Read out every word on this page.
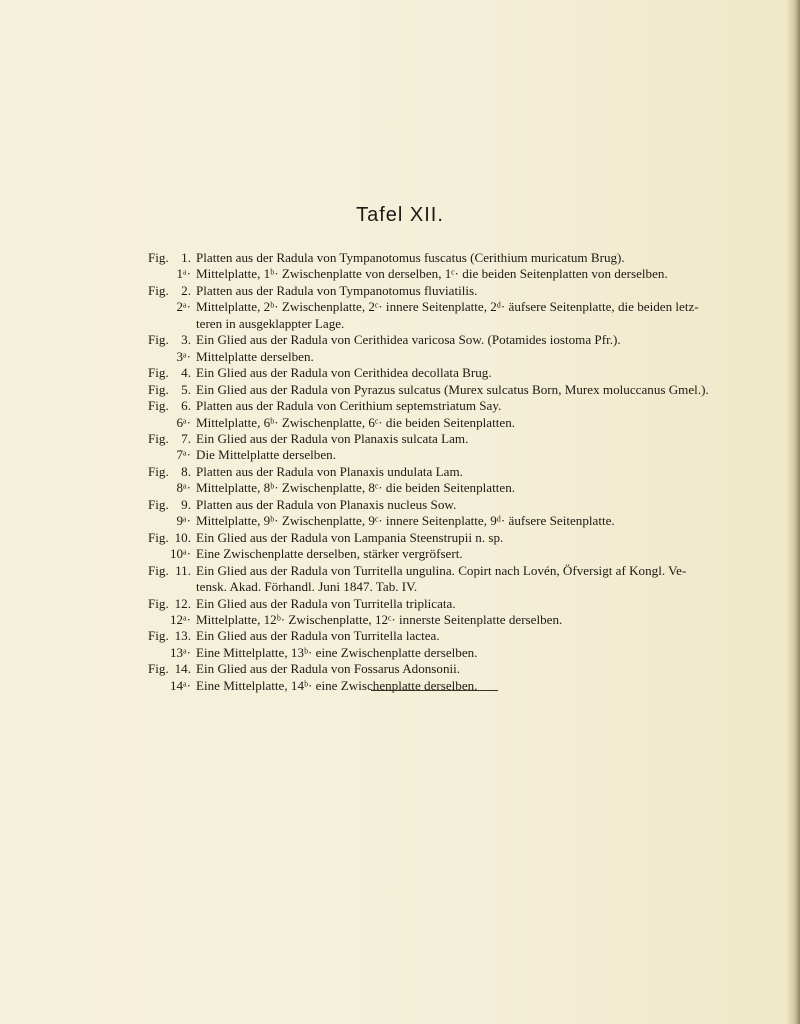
Tafel XII.
Fig. 1. Platten aus der Radula von Tympanotomus fuscatus (Cerithium muricatum Brug).
1ᵃ· Mittelplatte, 1ᵇ· Zwischenplatte von derselben, 1ᶜ· die beiden Seitenplatten von derselben.
Fig. 2. Platten aus der Radula von Tympanotomus fluviatilis.
2ᵃ· Mittelplatte, 2ᵇ· Zwischenplatte, 2ᶜ· innere Seitenplatte, 2ᵈ· äufsere Seitenplatte, die beiden letz-
teren in ausgeklappter Lage.
Fig. 3. Ein Glied aus der Radula von Cerithidea varicosa Sow. (Potamides iostoma Pfr.).
3ᵃ· Mittelplatte derselben.
Fig. 4. Ein Glied aus der Radula von Cerithidea decollata Brug.
Fig. 5. Ein Glied aus der Radula von Pyrazus sulcatus (Murex sulcatus Born, Murex moluccanus Gmel.).
Fig. 6. Platten aus der Radula von Cerithium septemstriatum Say.
6ᵃ· Mittelplatte, 6ᵇ· Zwischenplatte, 6ᶜ· die beiden Seitenplatten.
Fig. 7. Ein Glied aus der Radula von Planaxis sulcata Lam.
7ᵃ· Die Mittelplatte derselben.
Fig. 8. Platten aus der Radula von Planaxis undulata Lam.
8ᵃ· Mittelplatte, 8ᵇ· Zwischenplatte, 8ᶜ· die beiden Seitenplatten.
Fig. 9. Platten aus der Radula von Planaxis nucleus Sow.
9ᵃ· Mittelplatte, 9ᵇ· Zwischenplatte, 9ᶜ· innere Seitenplatte, 9ᵈ· äufsere Seitenplatte.
Fig. 10. Ein Glied aus der Radula von Lampania Steenstrupii n. sp.
10ᵃ· Eine Zwischenplatte derselben, stärker vergröfsert.
Fig. 11. Ein Glied aus der Radula von Turritella ungulina. Copirt nach Lovén, Öfversigt af Kongl. Ve-
tensk. Akad. Förhandl. Juni 1847. Tab. IV.
Fig. 12. Ein Glied aus der Radula von Turritella triplicata.
12ᵃ· Mittelplatte, 12ᵇ· Zwischenplatte, 12ᶜ· innerste Seitenplatte derselben.
Fig. 13. Ein Glied aus der Radula von Turritella lactea.
13ᵃ· Eine Mittelplatte, 13ᵇ· eine Zwischenplatte derselben.
Fig. 14. Ein Glied aus der Radula von Fossarus Adonsonii.
14ᵃ· Eine Mittelplatte, 14ᵇ· eine Zwischenplatte derselben.
